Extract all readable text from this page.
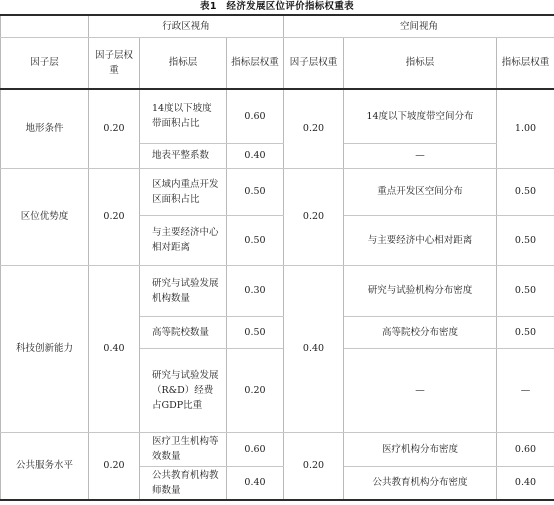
表1　经济发展区位评价指标权重表
	行政区视角			空间视角		
因子层	因子层权重	指标层	指标层权重	因子层权重	指标层	指标层权重
地形条件	0.20	14度以下坡度带面积占比	0.60	0.20	14度以下坡度带空间分布	1.00
		地表平整系数	0.40		—	
区位优势度	0.20	区域内重点开发区面积占比	0.50	0.20	重点开发区空间分布	0.50
		与主要经济中心相对距离	0.50		与主要经济中心相对距离	0.50
科技创新能力	0.40	研究与试验发展机构数量	0.30	0.40	研究与试验机构分布密度	0.50
		高等院校数量	0.50		高等院校分布密度	0.50
		研究与试验发展（R&D）经费占GDP比重	0.20		—	—
公共服务水平	0.20	医疗卫生机构等效数量	0.60	0.20	医疗机构分布密度	0.60
		公共教育机构教师数量	0.40		公共教育机构分布密度	0.40
